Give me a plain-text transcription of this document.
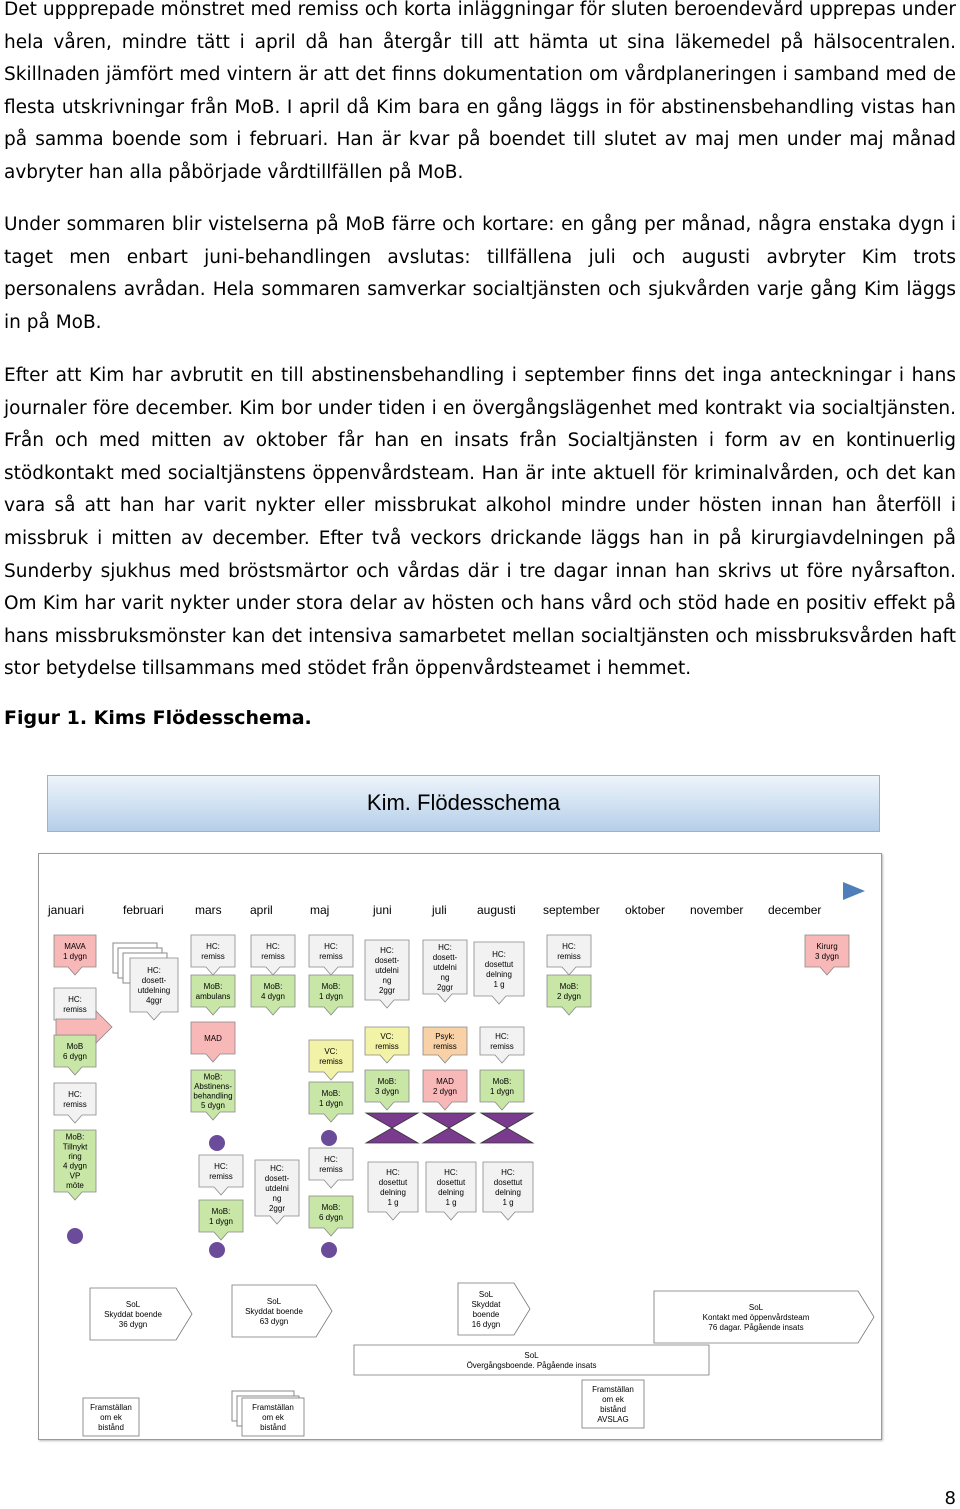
Det uppprepade mönstret med remiss och korta inläggningar för sluten beroendevård upprepas under hela våren, mindre tätt i april då han återgår till att hämta ut sina läkemedel på hälsocentralen. Skillnaden jämfört med vintern är att det finns dokumentation om vårdplaneringen i samband med de flesta utskrivningar från MoB. I april då Kim bara en gång läggs in för abstinensbehandling vistas han på samma boende som i februari. Han är kvar på boendet till slutet av maj men under maj månad avbryter han alla påbörjade vårdtillfällen på MoB.

Under sommaren blir vistelserna på MoB färre och kortare: en gång per månad, några enstaka dygn i taget men enbart juni-behandlingen avslutas: tillfällena juli och augusti avbryter Kim trots personalens avrådan. Hela sommaren samverkar socialtjänsten och sjukvården varje gång Kim läggs in på MoB.

Efter att Kim har avbrutit en till abstinensbehandling i september finns det inga anteckningar i hans journaler före december. Kim bor under tiden i en övergångslägenhet med kontrakt via socialtjänsten. Från och med mitten av oktober får han en insats från Socialtjänsten i form av en kontinuerlig stödkontakt med socialtjänstens öppenvårdsteam. Han är inte aktuell för kriminalvården, och det kan vara så att han har varit nykter eller missbrukat alkohol mindre under hösten innan han återföll i missbruk i mitten av december. Efter två veckors drickande läggs han in på kirurgiavdelningen på Sunderby sjukhus med bröstsmärtor och vårdas där i tre dagar innan han skrivs ut före nyårsafton. Om Kim har varit nykter under stora delar av hösten och hans vård och stöd hade en positiv effekt på hans missbruksmönster kan det intensiva samarbetet mellan socialtjänsten och missbruksvården haft stor betydelse tillsammans med stödet från öppenvårdsteamet i hemmet.

Figur 1. Kims Flödesschema.
Kim. Flödesschema
januari	februari	mars april	maj	juni	juli	augusti september oktober november december
MAVA
1 dygn
HC:
remiss
HC:
dosett-
utdelning
4ggr
HC:
remiss
MoB:
ambulans
HC:
remiss
MoB:
4 dygn
HC:
remiss
MoB:
1 dygn
HC:
dosett-
utdelni
ng
2ggr
HC:
dosett-
utdelni
ng
2ggr
HC:
dosettut
delning
1 g
HC:
remiss
MoB:
2 dygn
Kirurg
3 dygn
MoB
6 dygn
HC:
remiss
MAD
MoB:
Abstinens-
behandling
5 dygn
VC:
remiss
MoB:
1 dygn
VC:
remiss
Psyk:
remiss
HC:
remiss
MoB:
3 dygn
MAD
2 dygn
MoB:
1 dygn
MoB:
Tillnykt
ring
4 dygn
VP
möte
HC:
remiss
MoB:
1 dygn
HC:
dosett-
utdelni
ng
2ggr
HC:
remiss
MoB:
6 dygn
HC:
dosettut
delning
1 g
HC:
dosettut
delning
1 g
HC:
dosettut
delning
1 g
SoL
Skyddat boende
36 dygn
SoL
Skyddat boende
63 dygn
SoL
Skyddat
boende
16 dygn
SoL
Kontakt med öppenvårdsteam
76 dagar. Pågående insats
SoL
Övergångsboende. Pågående insats
Framställan
om ek
bistånd
Framställan
om ek
bistånd
Framställan
om ek
bistånd
AVSLAG
8
